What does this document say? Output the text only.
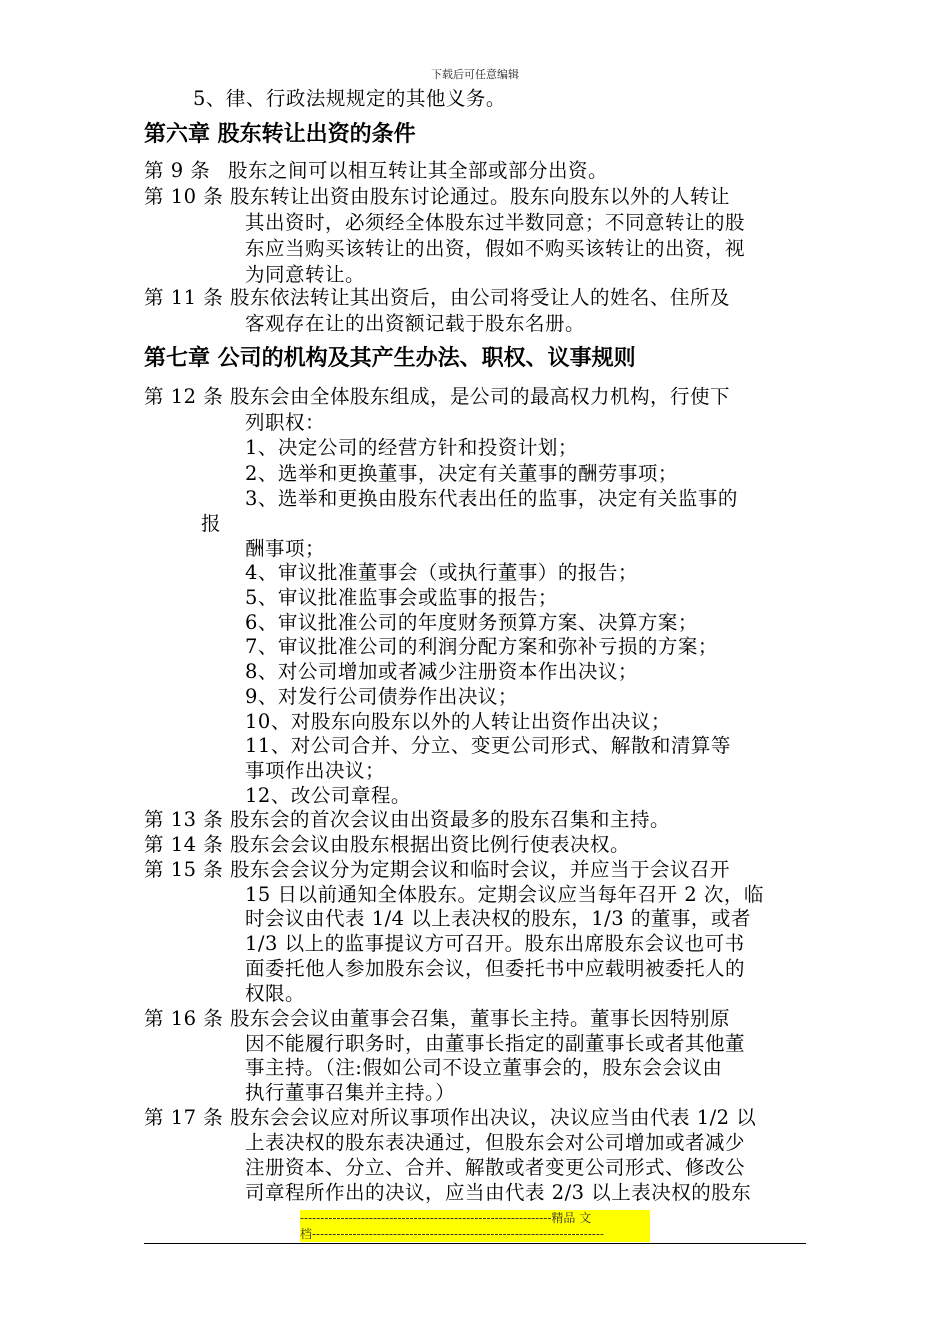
下载后可任意编辑
5、律、行政法规规定的其他义务。
第六章 股东转让出资的条件
第 9 条 股东之间可以相互转让其全部或部分出资。
第 10 条 股东转让出资由股东讨论通过。股东向股东以外的人转让
其出资时，必须经全体股东过半数同意；不同意转让的股
东应当购买该转让的出资，假如不购买该转让的出资，视
为同意转让。
第 11 条 股东依法转让其出资后，由公司将受让人的姓名、住所及
客观存在让的出资额记载于股东名册。
第七章 公司的机构及其产生办法、职权、议事规则
第 12 条 股东会由全体股东组成，是公司的最高权力机构，行使下
列职权：
1、决定公司的经营方针和投资计划；
2、选举和更换董事，决定有关董事的酬劳事项；
3、选举和更换由股东代表出任的监事，决定有关监事的
报
酬事项；
4、审议批准董事会（或执行董事）的报告；
5、审议批准监事会或监事的报告；
6、审议批准公司的年度财务预算方案、决算方案；
7、审议批准公司的利润分配方案和弥补亏损的方案；
8、对公司增加或者减少注册资本作出决议；
9、对发行公司债券作出决议；
10、对股东向股东以外的人转让出资作出决议；
11、对公司合并、分立、变更公司形式、解散和清算等
事项作出决议；
12、改公司章程。
第 13 条 股东会的首次会议由出资最多的股东召集和主持。
第 14 条 股东会会议由股东根据出资比例行使表决权。
第 15 条 股东会会议分为定期会议和临时会议，并应当于会议召开
15 日以前通知全体股东。定期会议应当每年召开 2 次，临
时会议由代表 1/4 以上表决权的股东，1/3 的董事，或者
1/3 以上的监事提议方可召开。股东出席股东会议也可书
面委托他人参加股东会议，但委托书中应载明被委托人的
权限。
第 16 条 股东会会议由董事会召集，董事长主持。董事长因特别原
因不能履行职务时，由董事长指定的副董事长或者其他董
事主持。（注:假如公司不设立董事会的，股东会会议由
执行董事召集并主持。）
第 17 条 股东会会议应对所议事项作出决议，决议应当由代表 1/2 以
上表决权的股东表决通过，但股东会对公司增加或者减少
注册资本、分立、合并、解散或者变更公司形式、修改公
司章程所作出的决议，应当由代表 2/3 以上表决权的股东
--------------------------------------------------------------精品 文
档------------------------------------------------------------------------
